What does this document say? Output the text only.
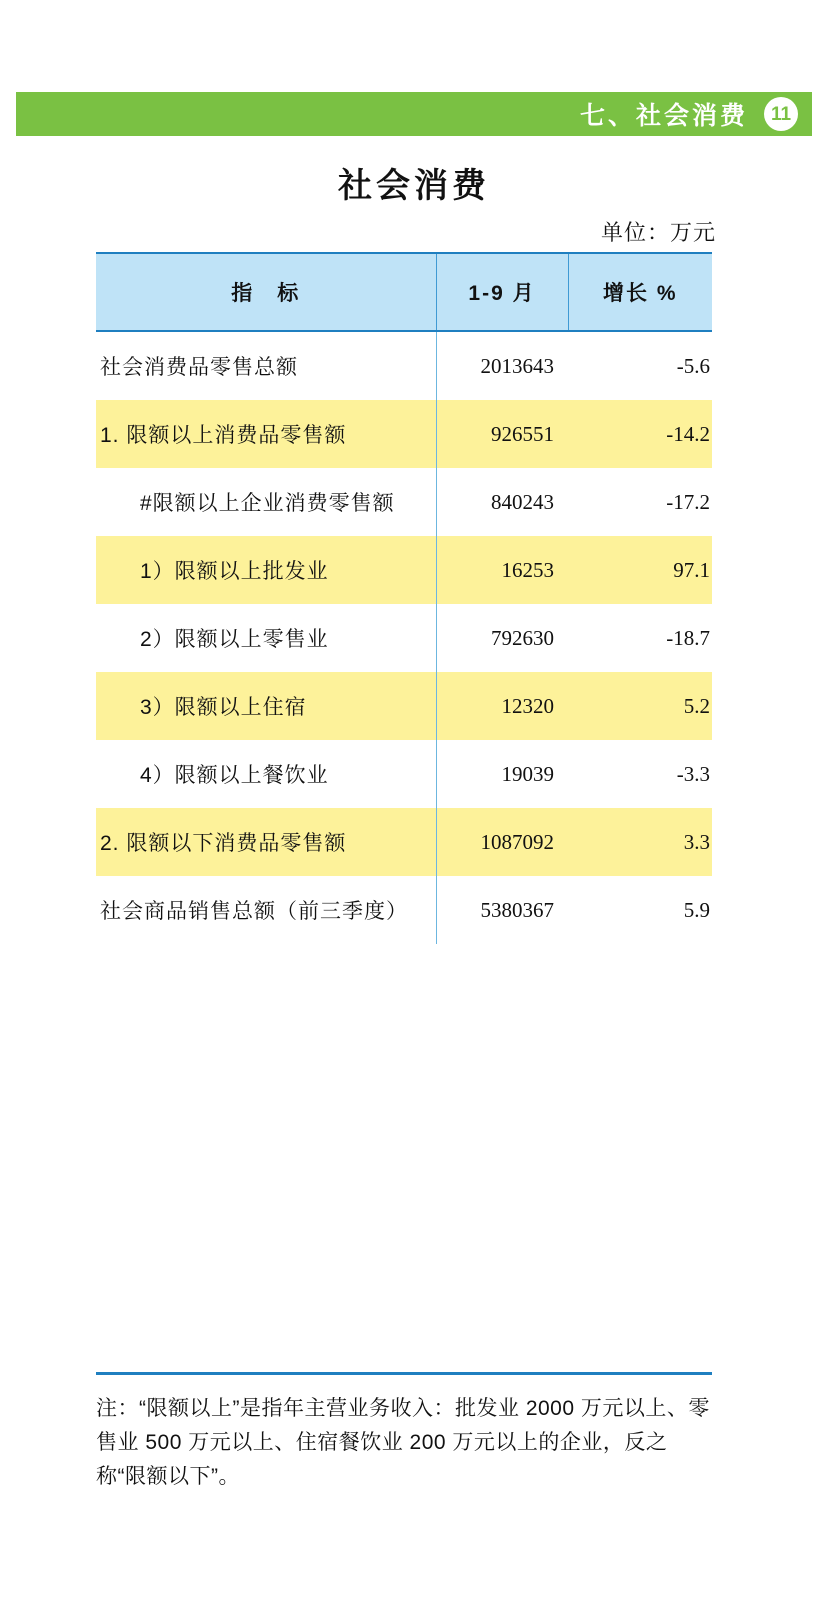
七、社会消费	11
社会消费
单位：万元
指　标	1-9 月	增长 %
社会消费品零售总额	2013643	-5.6
1. 限额以上消费品零售额	926551	-14.2
#限额以上企业消费零售额	840243	-17.2
1）限额以上批发业	16253	97.1
2）限额以上零售业	792630	-18.7
3）限额以上住宿	12320	5.2
4）限额以上餐饮业	19039	-3.3
2. 限额以下消费品零售额	1087092	3.3
社会商品销售总额（前三季度）	5380367	5.9
注：“限额以上”是指年主营业务收入：批发业 2000 万元以上、零售业 500 万元以上、住宿餐饮业 200 万元以上的企业，反之称“限额以下”。
